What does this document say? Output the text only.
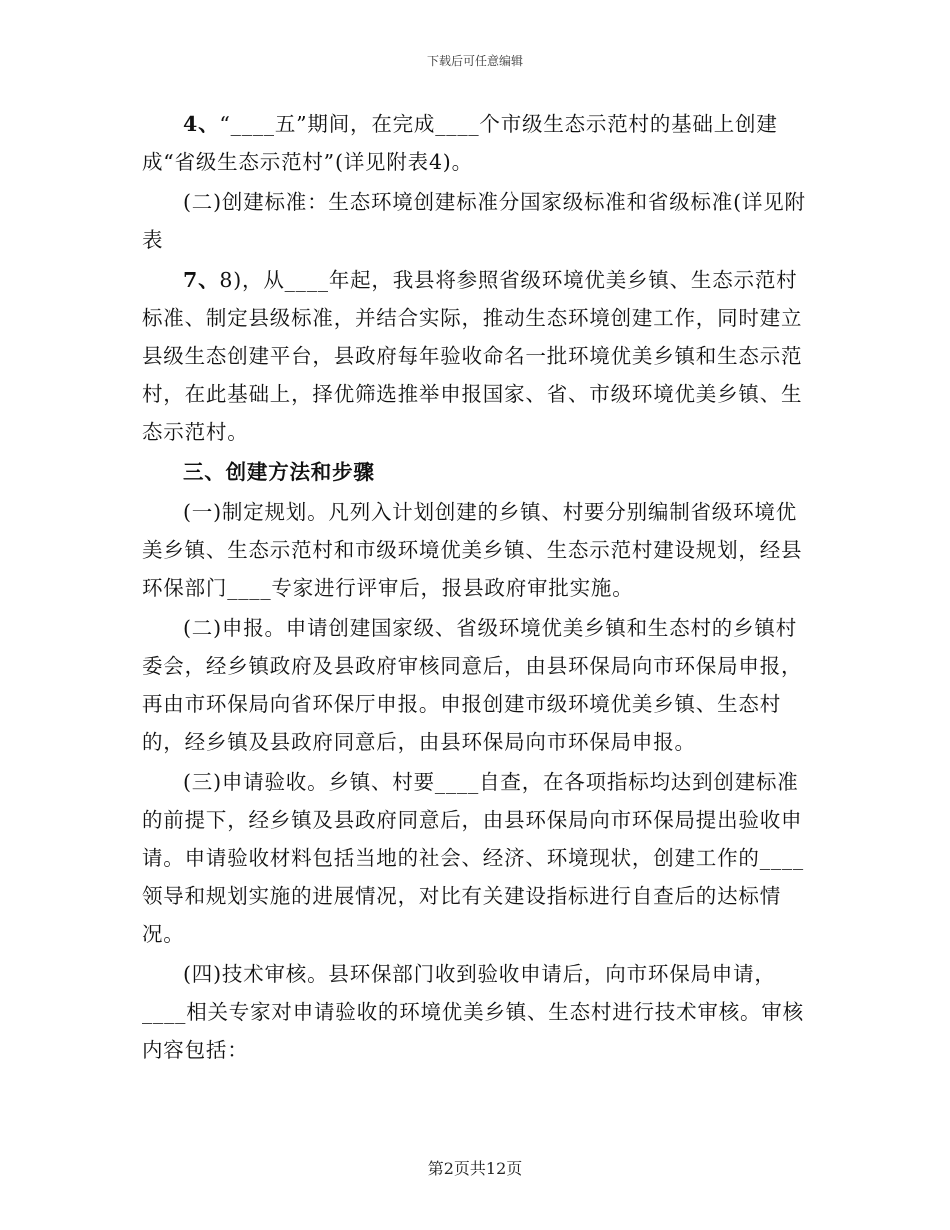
下载后可任意编辑

4、“____五”期间，在完成____个市级生态示范村的基础上创建成“省级生态示范村”(详见附表4)。

(二)创建标准：生态环境创建标准分国家级标准和省级标准(详见附表

7、8)，从____年起，我县将参照省级环境优美乡镇、生态示范村标准、制定县级标准，并结合实际，推动生态环境创建工作，同时建立县级生态创建平台，县政府每年验收命名一批环境优美乡镇和生态示范村，在此基础上，择优筛选推举申报国家、省、市级环境优美乡镇、生态示范村。

三、创建方法和步骤

(一)制定规划。凡列入计划创建的乡镇、村要分别编制省级环境优美乡镇、生态示范村和市级环境优美乡镇、生态示范村建设规划，经县环保部门____专家进行评审后，报县政府审批实施。

(二)申报。申请创建国家级、省级环境优美乡镇和生态村的乡镇村委会，经乡镇政府及县政府审核同意后，由县环保局向市环保局申报，再由市环保局向省环保厅申报。申报创建市级环境优美乡镇、生态村的，经乡镇及县政府同意后，由县环保局向市环保局申报。

(三)申请验收。乡镇、村要____自查，在各项指标均达到创建标准的前提下，经乡镇及县政府同意后，由县环保局向市环保局提出验收申请。申请验收材料包括当地的社会、经济、环境现状，创建工作的____领导和规划实施的进展情况，对比有关建设指标进行自查后的达标情况。

(四)技术审核。县环保部门收到验收申请后，向市环保局申请，____相关专家对申请验收的环境优美乡镇、生态村进行技术审核。审核内容包括：

第2页共12页
